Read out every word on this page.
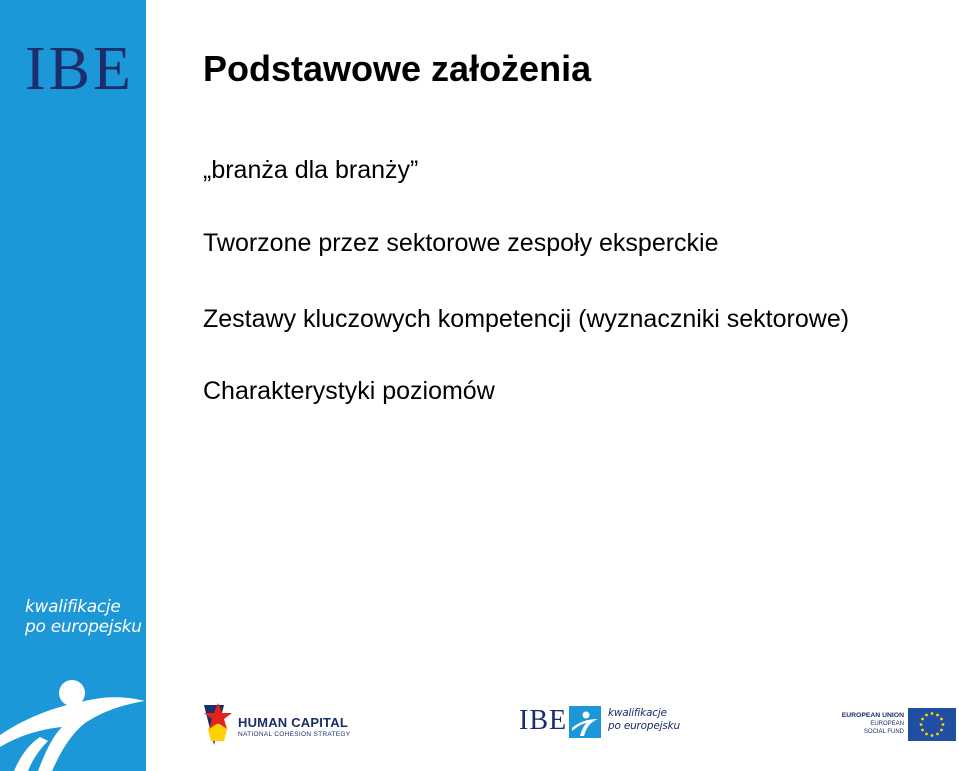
IBE
kwalifikacje
po europejsku
Podstawowe założenia
„branża dla branży”
Tworzone przez sektorowe zespoły eksperckie
Zestawy kluczowych kompetencji (wyznaczniki sektorowe)
Charakterystyki poziomów
HUMAN CAPITAL
NATIONAL COHESION STRATEGY	IBE	kwalifikacje
po europejsku
EUROPEAN UNION
EUROPEAN
SOCIAL FUND
